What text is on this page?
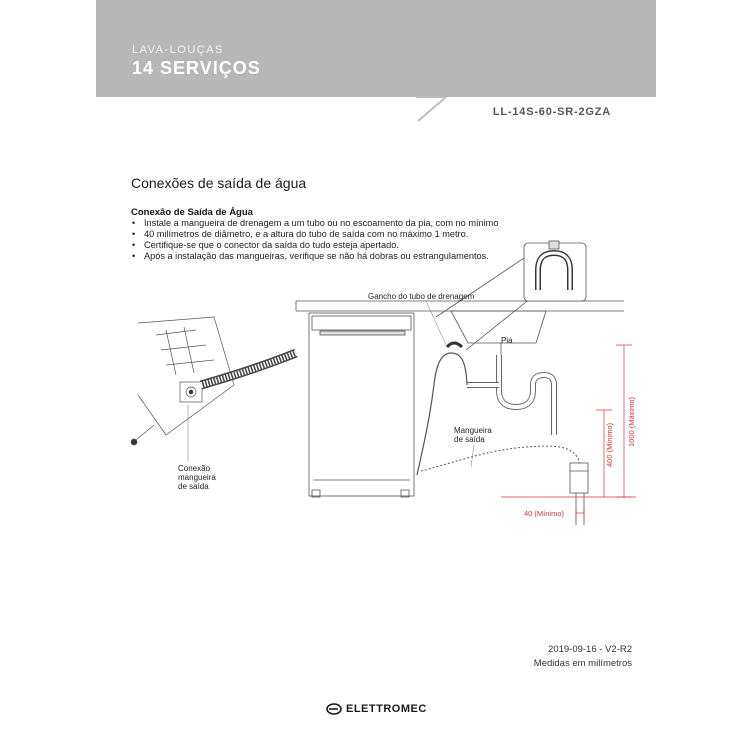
LAVA-LOUÇAS
14 SERVIÇOS
LL-14S-60-SR-2GZA
Conexões de saída de água
Conexão de Saída de Água
• Instale a mangueira de drenagem a um tubo ou no escoamento da pia, com no mínimo
• 40 milímetros de diâmetro, e a altura do tubo de saída com no máximo 1 metro.
• Certifique-se que o conector da saída do tudo esteja apertado.
• Após a instalação das mangueiras, verifique se não há dobras ou estrangulamentos.
Gancho do tubo de drenagem
Pia
Mangueira
de saída	1000 (Máximo)
400 (Mínimo)
40 (Mínimo)
Conexão
mangueira
de saída
2019-09-16 - V2-R2
Medidas em milímetros
ELETTROMEC
